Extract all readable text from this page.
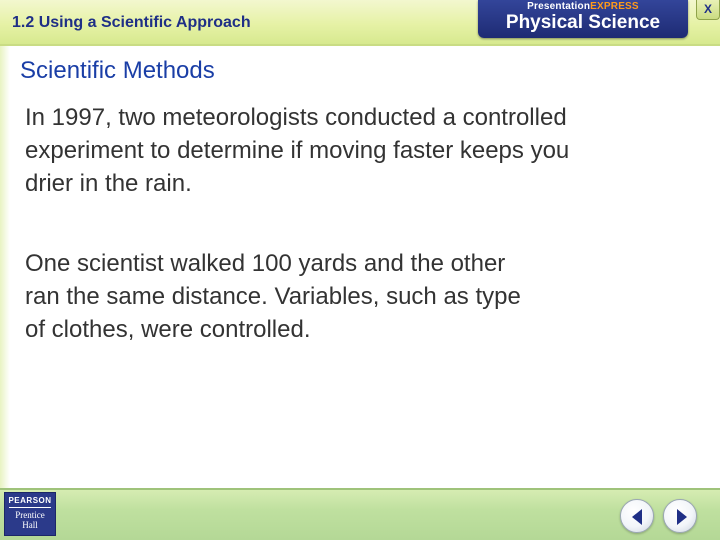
1.2 Using a Scientific Approach
PresentationEXPRESS
Physical Science
X
Scientific Methods
In 1997, two meteorologists conducted a controlled experiment to determine if moving faster keeps you drier in the rain.
One scientist walked 100 yards and the other ran the same distance. Variables, such as type of clothes, were controlled.
PEARSON
Prentice
Hall
